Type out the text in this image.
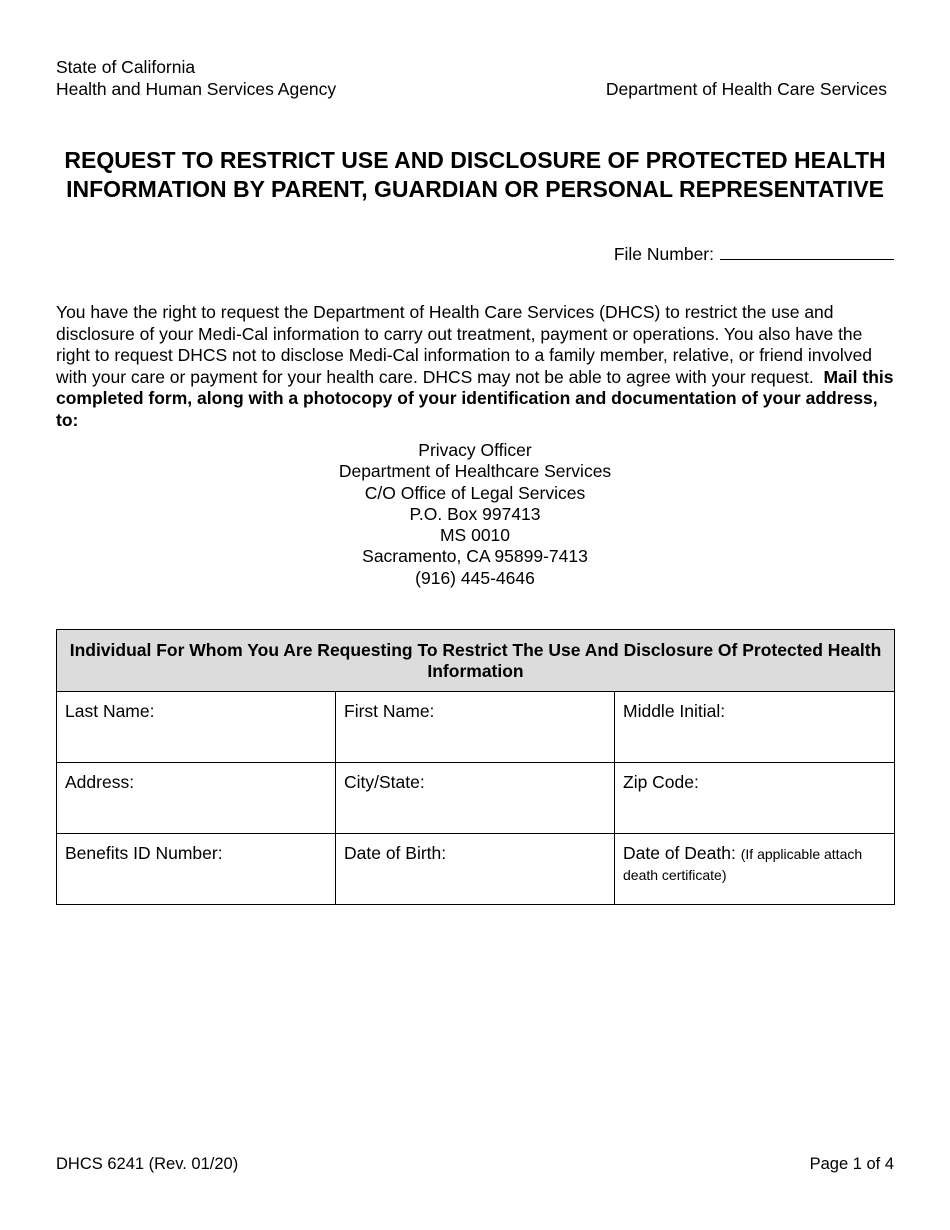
State of California
Health and Human Services Agency	Department of Health Care Services
REQUEST TO RESTRICT USE AND DISCLOSURE OF PROTECTED HEALTH INFORMATION BY PARENT, GUARDIAN OR PERSONAL REPRESENTATIVE
File Number:
You have the right to request the Department of Health Care Services (DHCS) to restrict the use and disclosure of your Medi-Cal information to carry out treatment, payment or operations. You also have the right to request DHCS not to disclose Medi-Cal information to a family member, relative, or friend involved with your care or payment for your health care. DHCS may not be able to agree with your request. Mail this completed form, along with a photocopy of your identification and documentation of your address, to:
Privacy Officer
Department of Healthcare Services
C/O Office of Legal Services
P.O. Box 997413
MS 0010
Sacramento, CA 95899-7413
(916) 445-4646
Individual For Whom You Are Requesting To Restrict The Use And Disclosure Of Protected Health Information		
Last Name:	First Name:	Middle Initial:
Address:	City/State:	Zip Code:
Benefits ID Number:	Date of Birth:	Date of Death: (If applicable attach death certificate)
DHCS 6241 (Rev. 01/20)	Page 1 of 4
